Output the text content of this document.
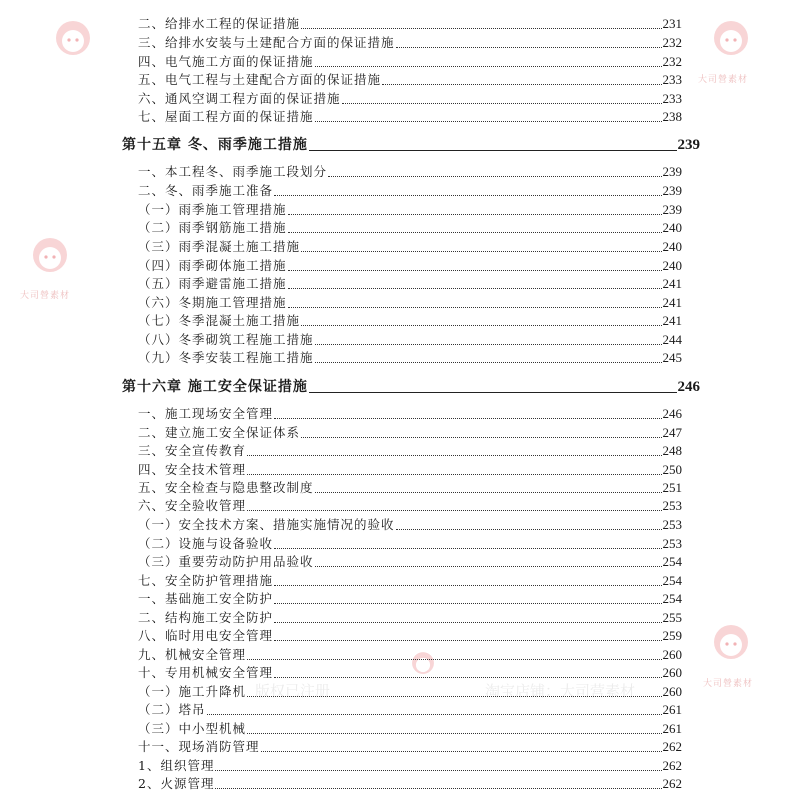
大司營素材
大司營素材
大司營素材
版权已注册	淘宝店铺：大司营素材
二、给排水工程的保证措施	231
三、给排水安装与土建配合方面的保证措施	232
四、电气施工方面的保证措施	232
五、电气工程与土建配合方面的保证措施	233
六、通风空调工程方面的保证措施	233
七、屋面工程方面的保证措施	238
第十五章 冬、雨季施工措施	239
一、本工程冬、雨季施工段划分	239
二、冬、雨季施工准备	239
（一）雨季施工管理措施	239
（二）雨季钢筋施工措施	240
（三）雨季混凝土施工措施	240
（四）雨季砌体施工措施	240
（五）雨季避雷施工措施	241
（六）冬期施工管理措施	241
（七）冬季混凝土施工措施	241
（八）冬季砌筑工程施工措施	244
（九）冬季安装工程施工措施	245
第十六章 施工安全保证措施	246
一、施工现场安全管理	246
二、建立施工安全保证体系	247
三、安全宣传教育	248
四、安全技术管理	250
五、安全检查与隐患整改制度	251
六、安全验收管理	253
（一）安全技术方案、措施实施情况的验收	253
（二）设施与设备验收	253
（三）重要劳动防护用品验收	254
七、安全防护管理措施	254
一、基础施工安全防护	254
二、结构施工安全防护	255
八、临时用电安全管理	259
九、机械安全管理	260
十、专用机械安全管理	260
（一）施工升降机	260
（二）塔吊	261
（三）中小型机械	261
十一、现场消防管理	262
1、组织管理	262
2、火源管理	262
